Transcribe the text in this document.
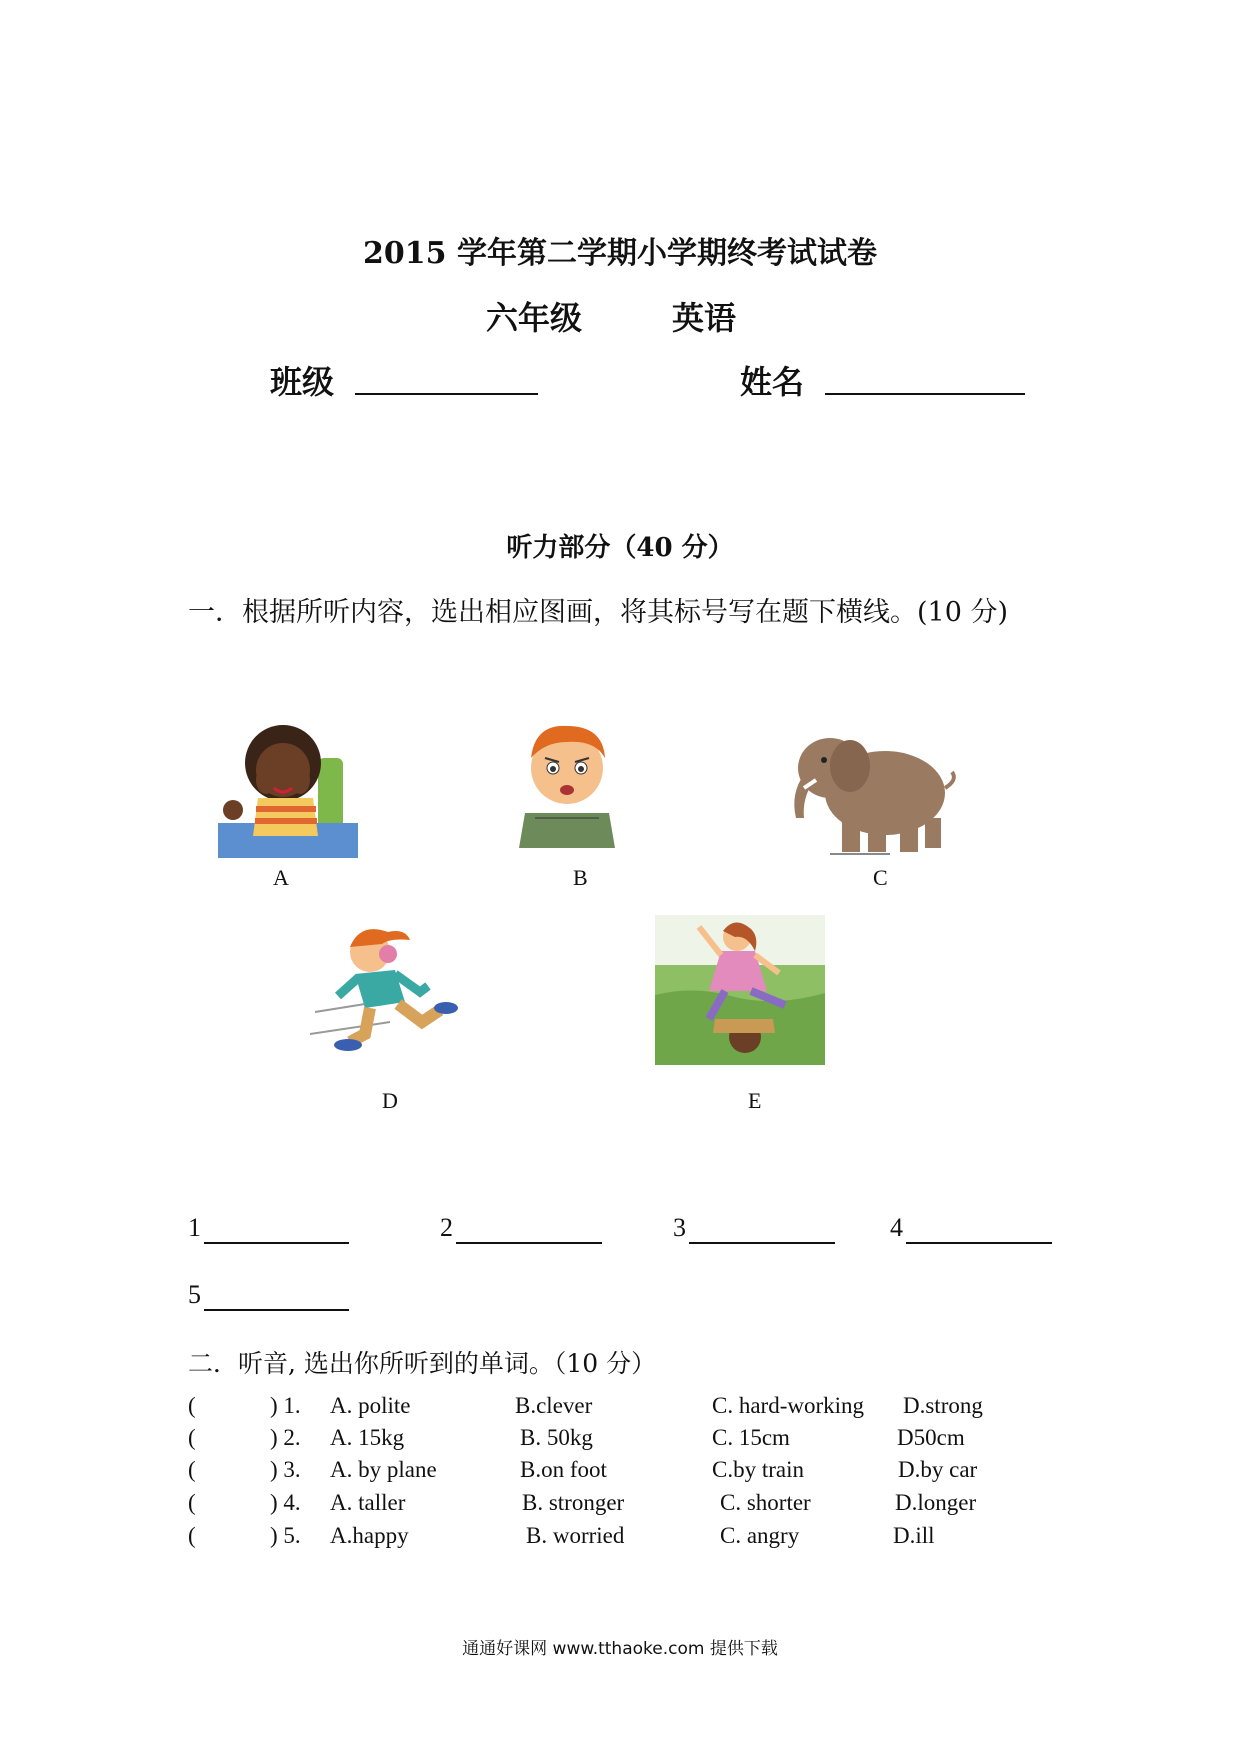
2015 学年第二学期小学期终考试试卷
六年级	英语
班级	姓名
听力部分（40 分）
一．根据所听内容，选出相应图画，将其标号写在题下横线。(10 分)
A	B	C
D	E
1	2	3	4
5
二．听音, 选出你所听到的单词。（10 分）
(	) 1. A. polite	B.clever	C. hard-working D.strong
(	) 2. A. 15kg	B. 50kg	C. 15cm	D50cm
(	) 3. A. by plane	B.on foot	C.by train	D.by car
(	) 4. A. taller	B. stronger	C. shorter	D.longer
(	) 5. A.happy	B. worried	C. angry	D.ill
通通好课网 www.tthaoke.com 提供下载
